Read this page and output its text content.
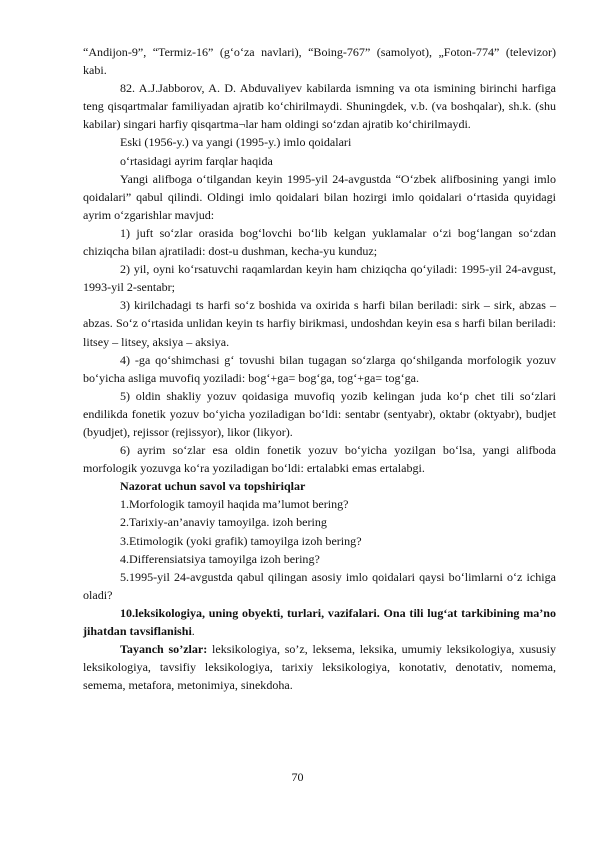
“Andijon-9”, “Termiz-16” (g‘o‘za navlari), “Boing-767” (samolyot), „Foton-774” (televizor) kabi.

82. A.J.Jabborov, A. D. Abduvaliyev kabilarda ismning va ota ismining birinchi harfiga teng qisqartmalar familiyadan ajratib ko‘chirilmaydi. Shuningdek, v.b. (va boshqalar), sh.k. (shu kabilar) singari harfiy qisqartma¬lar ham oldingi so‘zdan ajratib ko‘chirilmaydi.

Eski (1956-y.) va yangi (1995-y.) imlo qoidalari

o‘rtasidagi ayrim farqlar haqida

Yangi alifboga o‘tilgandan keyin 1995-yil 24-avgustda “O‘zbek alifbosining yangi imlo qoidalari” qabul qilindi. Oldingi imlo qoidalari bilan hozirgi imlo qoidalari o‘rtasida quyidagi ayrim o‘zgarishlar mavjud:

1) juft so‘zlar orasida bog‘lovchi bo‘lib kelgan yuklamalar o‘zi bog‘langan so‘zdan chiziqcha bilan ajratiladi: dost-u dushman, kecha-yu kunduz;

2) yil, oyni ko‘rsatuvchi raqamlardan keyin ham chiziqcha qo‘yiladi: 1995-yil 24-avgust, 1993-yil 2-sentabr;

3) kirilchadagi ts harfi so‘z boshida va oxirida s harfi bilan beriladi: sirk – sirk, abzas – abzas. So‘z o‘rtasida unlidan keyin ts harfiy birikmasi, undoshdan keyin esa s harfi bilan beriladi: litsey – litsey, aksiya – aksiya.

4) -ga qo‘shimchasi g‘ tovushi bilan tugagan so‘zlarga qo‘shilganda morfologik yozuv bo‘yicha asliga muvofiq yoziladi: bog‘+ga= bog‘ga, tog‘+ga= tog‘ga.

5) oldin shakliy yozuv qoidasiga muvofiq yozib kelingan juda ko‘p chet tili so‘zlari endilikda fonetik yozuv bo‘yicha yoziladigan bo‘ldi: sentabr (sentyabr), oktabr (oktyabr), budjet (byudjet), rejissor (rejissyor), likor (likyor).

6) ayrim so‘zlar esa oldin fonetik yozuv bo‘yicha yozilgan bo‘lsa, yangi alifboda morfologik yozuvga ko‘ra yoziladigan bo‘ldi: ertalabki emas ertalabgi.

Nazorat uchun savol va topshiriqlar

1.Morfologik tamoyil haqida ma’lumot bering?

2.Tarixiy-an’anaviy tamoyilga. izoh bering

3.Etimologik (yoki grafik) tamoyilga izoh bering?

4.Differensiatsiya tamoyilga izoh bering?

5.1995-yil 24-avgustda qabul qilingan asosiy imlo qoidalari qaysi bo‘limlarni o‘z ichiga oladi?

10.leksikologiya, uning obyekti, turlari, vazifalari. Ona tili lug‘at tarkibining ma’no jihatdan tavsiflanishi.

Tayanch so’zlar: leksikologiya, so’z, leksema, leksika, umumiy leksikologiya, xususiy leksikologiya, tavsifiy leksikologiya, tarixiy leksikologiya, konotativ, denotativ, nomema, semema, metafora, metonimiya, sinekdoha.

70
